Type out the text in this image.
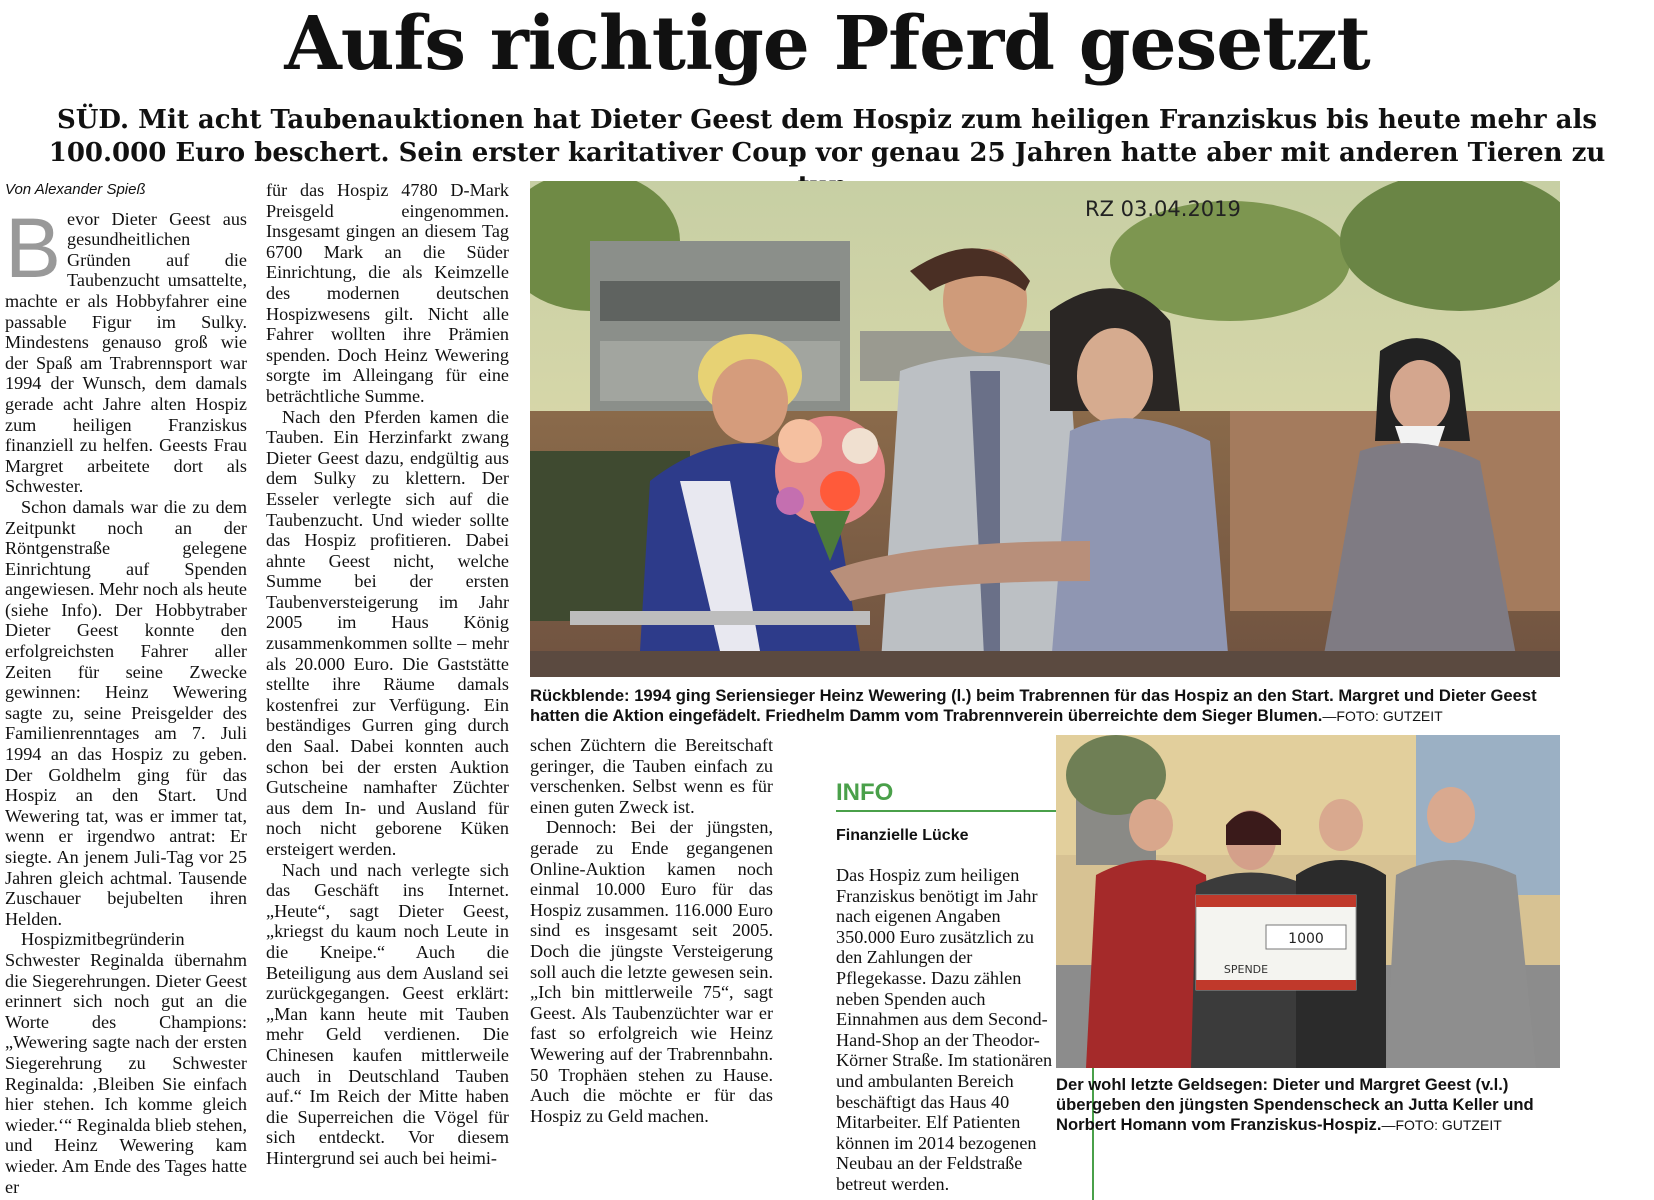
Aufs richtige Pferd gesetzt
SÜD. Mit acht Taubenauktionen hat Dieter Geest dem Hospiz zum heiligen Franziskus bis heute mehr als 100.000 Euro beschert. Sein erster karitativer Coup vor genau 25 Jahren hatte aber mit anderen Tieren zu
Von Alexander Spieß

Bevor Dieter Geest aus gesundheitlichen Gründen auf die Taubenzucht umsattelte, machte er als Hobbyfahrer eine passable Figur im Sulky. Mindestens genauso groß wie der Spaß am Trabrennsport war 1994 der Wunsch, dem damals gerade acht Jahre alten Hospiz zum heiligen Franziskus finanziell zu helfen. Geests Frau Margret arbeitete dort als Schwester.

Schon damals war die zu dem Zeitpunkt noch an der Röntgenstraße gelegene Einrichtung auf Spenden angewiesen. Mehr noch als heute (siehe Info). Der Hobbytraber Dieter Geest konnte den erfolgreichsten Fahrer aller Zeiten für seine Zwecke gewinnen: Heinz Wewering sagte zu, seine Preisgelder des Familienrenntages am 7. Juli 1994 an das Hospiz zu geben. Der Goldhelm ging für das Hospiz an den Start. Und Wewering tat, was er immer tat, wenn er irgendwo antrat: Er siegte. An jenem Juli-Tag vor 25 Jahren gleich achtmal. Tausende Zuschauer bejubelten ihren Helden.

Hospizmitbegründerin Schwester Reginalda übernahm die Siegerehrungen. Dieter Geest erinnert sich noch gut an die Worte des Champions: „Wewering sagte nach der ersten Siegerehrung zu Schwester Reginalda: ‚Bleiben Sie einfach hier stehen. Ich komme gleich wieder.‘“ Reginalda blieb stehen, und Heinz Wewering kam wieder. Am Ende des Tages hatte er

für das Hospiz 4780 D-Mark Preisgeld eingenommen. Insgesamt gingen an diesem Tag 6700 Mark an die Süder Einrichtung, die als Keimzelle des modernen deutschen Hospizwesens gilt. Nicht alle Fahrer wollten ihre Prämien spenden. Doch Heinz Wewering sorgte im Alleingang für eine beträchtliche Summe.

Nach den Pferden kamen die Tauben. Ein Herzinfarkt zwang Dieter Geest dazu, endgültig aus dem Sulky zu klettern. Der Esseler verlegte sich auf die Taubenzucht. Und wieder sollte das Hospiz profitieren. Dabei ahnte Geest nicht, welche Summe bei der ersten Taubenversteigerung im Jahr 2005 im Haus König zusammenkommen sollte – mehr als 20.000 Euro. Die Gaststätte stellte ihre Räume damals kostenfrei zur Verfügung. Ein beständiges Gurren ging durch den Saal. Dabei konnten auch schon bei der ersten Auktion Gutscheine namhafter Züchter aus dem In- und Ausland für noch nicht geborene Küken ersteigert werden.

Nach und nach verlegte sich das Geschäft ins Internet. „Heute“, sagt Dieter Geest, „kriegst du kaum noch Leute in die Kneipe.“ Auch die Beteiligung aus dem Ausland sei zurückgegangen. Geest erklärt: „Man kann heute mit Tauben mehr Geld verdienen. Die Chinesen kaufen mittlerweile auch in Deutschland Tauben auf.“ Im Reich der Mitte haben die Superreichen die Vögel für sich entdeckt. Vor diesem Hintergrund sei auch bei heimi-

schen Züchtern die Bereitschaft geringer, die Tauben einfach zu verschenken. Selbst wenn es für einen guten Zweck ist.

Dennoch: Bei der jüngsten, gerade zu Ende gegangenen Online-Auktion kamen noch einmal 10.000 Euro für das Hospiz zusammen. 116.000 Euro sind es insgesamt seit 2005. Doch die jüngste Versteigerung soll auch die letzte gewesen sein. „Ich bin mittlerweile 75“, sagt Geest. Als Taubenzüchter war er fast so erfolgreich wie Heinz Wewering auf der Trabrennbahn. 50 Trophäen stehen zu Hause. Auch die möchte er für das Hospiz zu Geld machen.

RZ 03.04.2019
Rückblende: 1994 ging Seriensieger Heinz Wewering (l.) beim Trabrennen für das Hospiz an den Start. Margret und Dieter Geest hatten die Aktion eingefädelt. Friedhelm Damm vom Trabrennverein überreichte dem Sieger Blumen.—FOTO: GUTZEIT
INFO
Finanzielle Lücke
Das Hospiz zum heiligen Franziskus benötigt im Jahr nach eigenen Angaben 350.000 Euro zusätzlich zu den Zahlungen der Pflegekasse. Dazu zählen neben Spenden auch Einnahmen aus dem Second-Hand-Shop an der Theodor-Körner Straße. Im stationären und ambulanten Bereich beschäftigt das Haus 40 Mitarbeiter. Elf Patienten können im 2014 bezogenen Neubau an der Feldstraße betreut werden.
1000
SPENDE
Der wohl letzte Geldsegen: Dieter und Margret Geest (v.l.) übergeben den jüngsten Spendenscheck an Jutta Keller und Norbert Homann vom Franziskus-Hospiz.—FOTO: GUTZEIT
